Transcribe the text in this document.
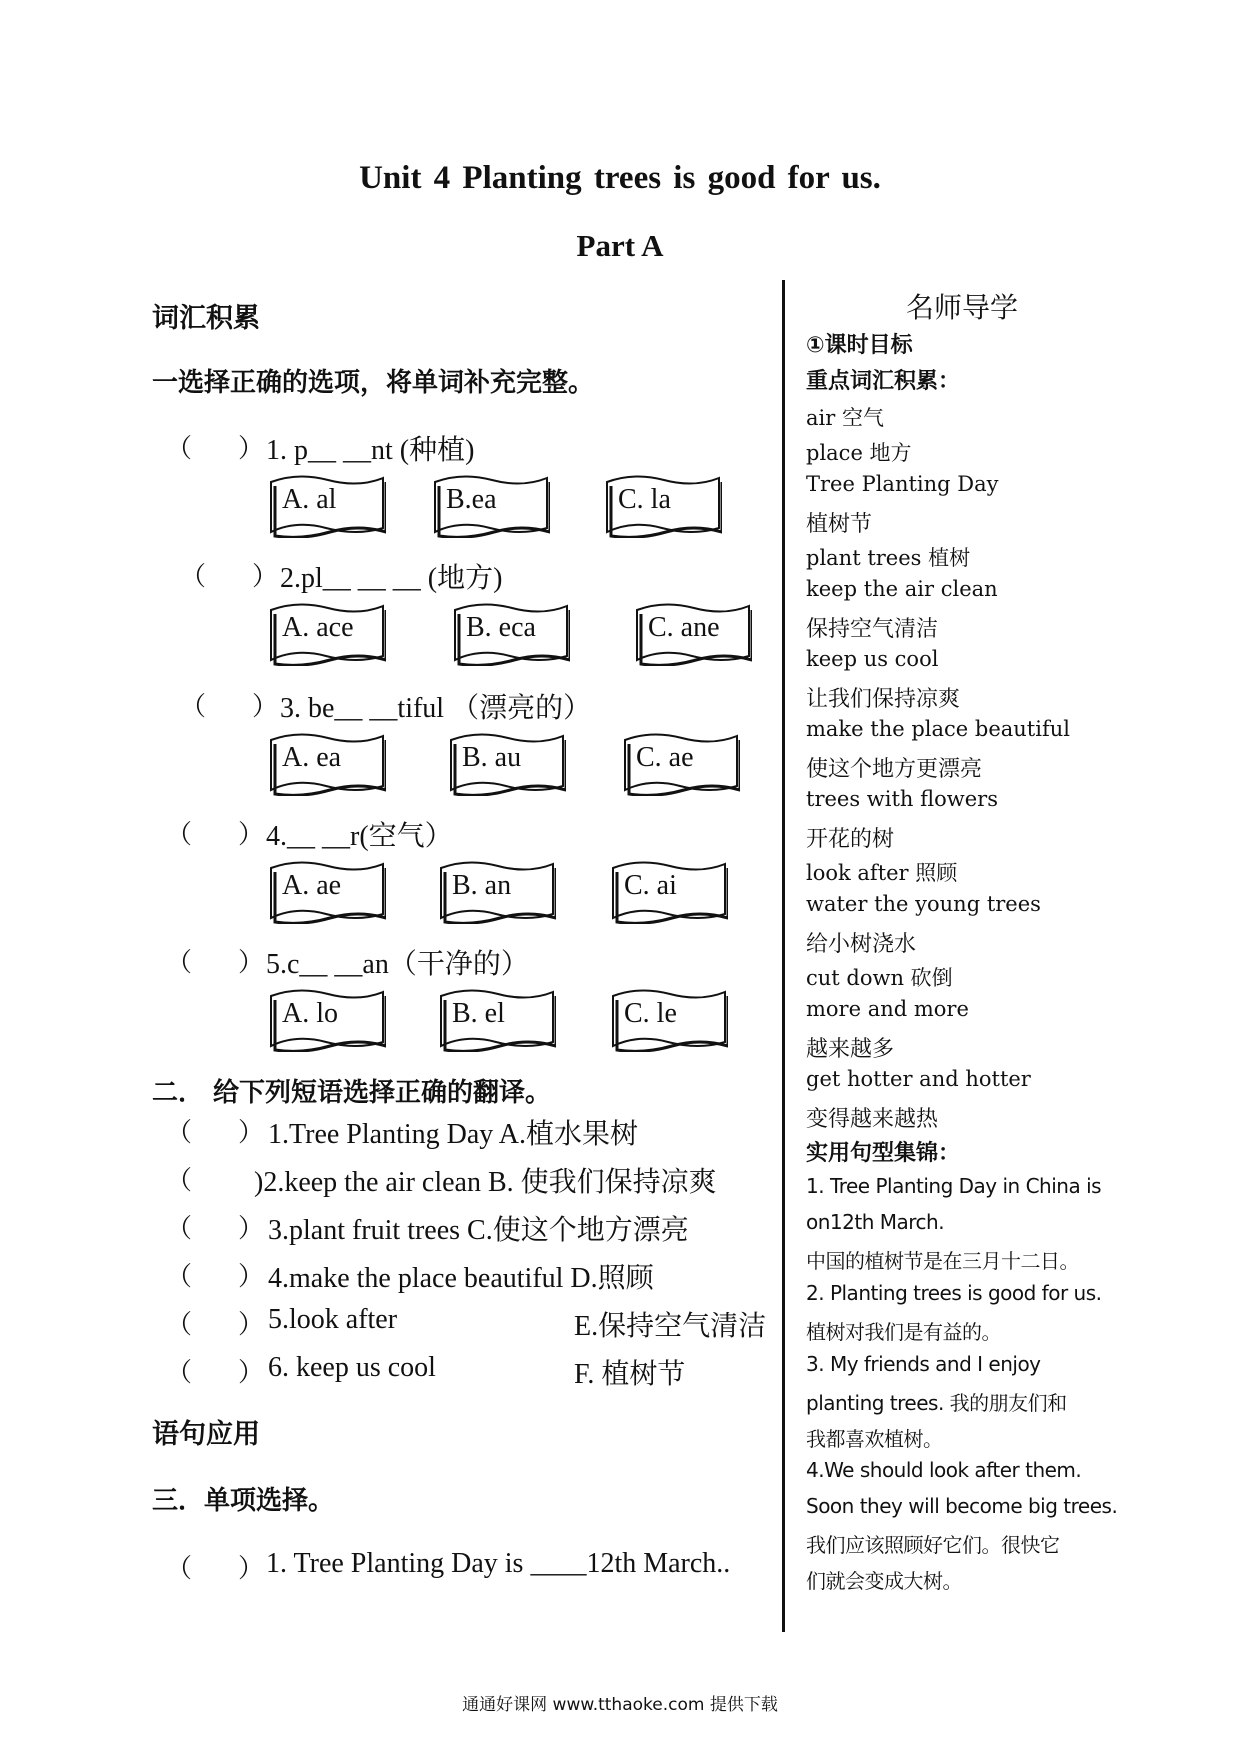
Unit 4 Planting trees is good for us.
Part A
词汇积累
一选择正确的选项，将单词补充完整。
（ ） 1. p__ __nt (种植)
A. al	B.ea	C. la
（ ） 2.pl__ __ __ (地方)
A. ace	B. eca	C. ane
（ ） 3. be__ __tiful （漂亮的）
A. ea	B. au	C. ae
（ ） 4.__ __r(空气）
A. ae	B. an	C. ai
（ ） 5.c__ __an（干净的）
A. lo	B. el	C. le
二． 给下列短语选择正确的翻译。
（ ） 1.Tree Planting Day A.植水果树
（ )2.keep the air clean B. 使我们保持凉爽
（ ） 3.plant fruit trees C.使这个地方漂亮
（ ） 4.make the place beautiful D.照顾
（ ） 5.look after	E.保持空气清洁
（ ） 6. keep us cool	F. 植树节
语句应用
三．单项选择。
（ ） 1. Tree Planting Day is ____12th March..
名师导学
①课时目标
重点词汇积累：
air 空气
place 地方
Tree Planting Day
植树节
plant trees 植树
keep the air clean
保持空气清洁
keep us cool
让我们保持凉爽
make the place beautiful
使这个地方更漂亮
trees with flowers
开花的树
look after 照顾
water the young trees
给小树浇水
cut down 砍倒
more and more
越来越多
get hotter and hotter
变得越来越热
实用句型集锦：
1. Tree Planting Day in China is
on12th March.
中国的植树节是在三月十二日。
2. Planting trees is good for us.
植树对我们是有益的。
3. My friends and I enjoy
planting trees. 我的朋友们和
我都喜欢植树。
4.We should look after them.
Soon they will become big trees.
我们应该照顾好它们。很快它
们就会变成大树。
通通好课网 www.tthaoke.com 提供下载
